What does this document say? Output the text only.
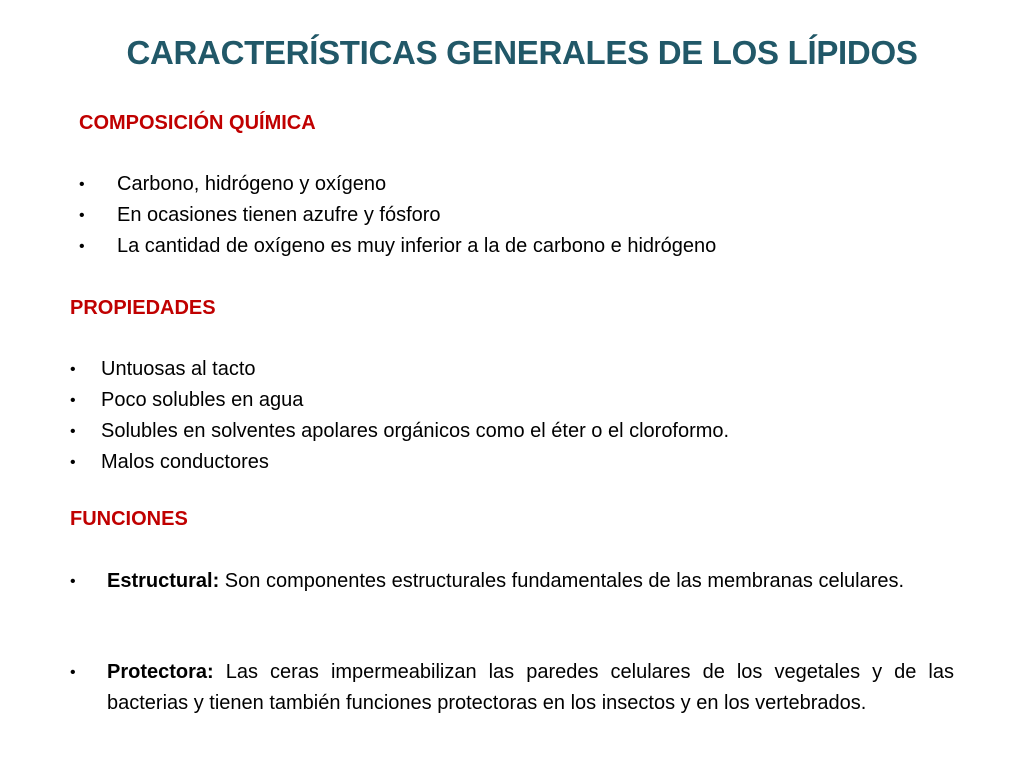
CARACTERÍSTICAS GENERALES DE LOS LÍPIDOS
COMPOSICIÓN QUÍMICA
• Carbono, hidrógeno y oxígeno
• En ocasiones tienen azufre y fósforo
• La cantidad de oxígeno es muy inferior a la de carbono e hidrógeno
PROPIEDADES
• Untuosas al tacto
• Poco solubles en agua
• Solubles en solventes apolares orgánicos como el éter o el cloroformo.
• Malos conductores
FUNCIONES
• Estructural: Son componentes estructurales fundamentales de las membranas celulares.
• Protectora: Las ceras impermeabilizan las paredes celulares de los vegetales y de las bacterias y tienen también funciones protectoras en los insectos y en los vertebrados.
